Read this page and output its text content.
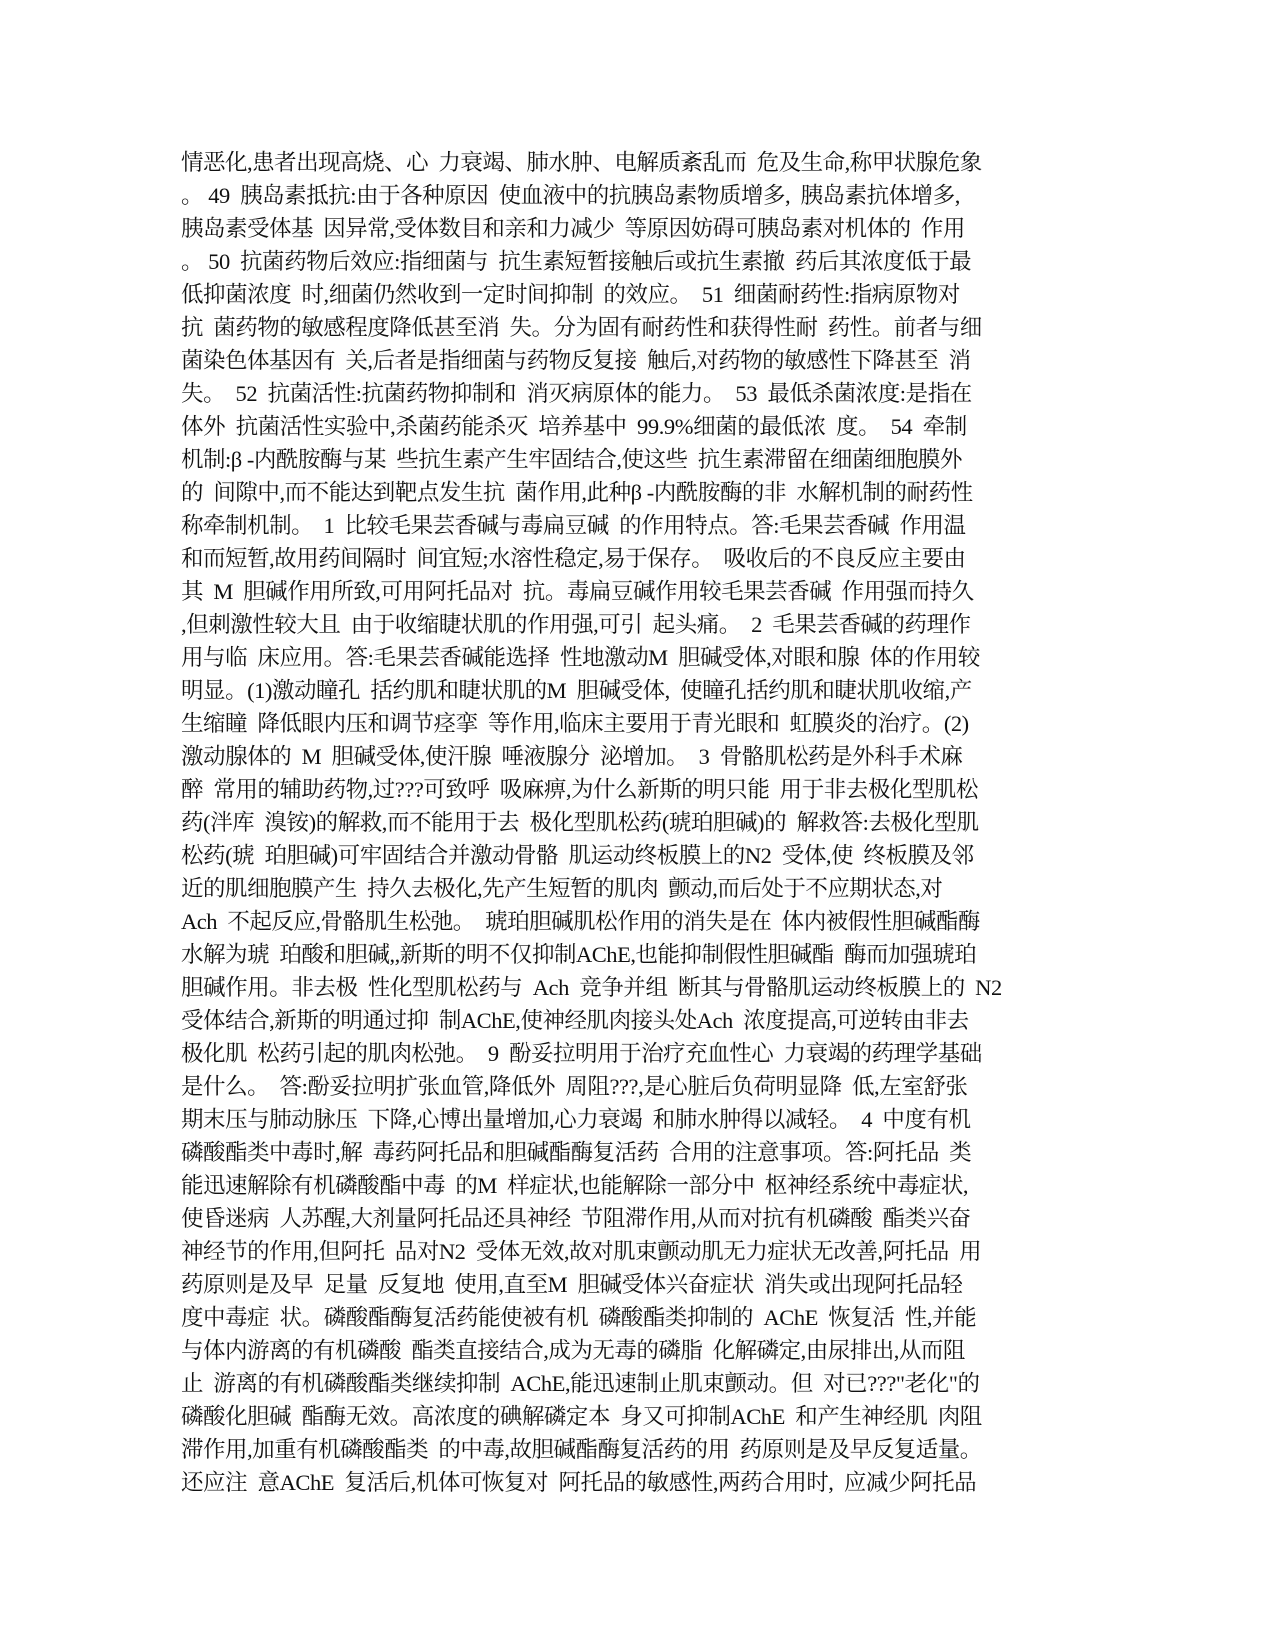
情恶化,患者出现高烧、心  力衰竭、肺水肿、电解质紊乱而  危及生命,称甲状腺危象
。 49  胰岛素抵抗:由于各种原因  使血液中的抗胰岛素物质增多,  胰岛素抗体增多,
胰岛素受体基  因异常,受体数目和亲和力减少  等原因妨碍可胰岛素对机体的  作用
。 50  抗菌药物后效应:指细菌与  抗生素短暂接触后或抗生素撤  药后其浓度低于最
低抑菌浓度  时,细菌仍然收到一定时间抑制  的效应。  51  细菌耐药性:指病原物对
抗  菌药物的敏感程度降低甚至消  失。分为固有耐药性和获得性耐  药性。前者与细
菌染色体基因有  关,后者是指细菌与药物反复接  触后,对药物的敏感性下降甚至  消
失。  52  抗菌活性:抗菌药物抑制和  消灭病原体的能力。  53  最低杀菌浓度:是指在
体外  抗菌活性实验中,杀菌药能杀灭  培养基中  99.9%细菌的最低浓  度。  54  牵制
机制:β -内酰胺酶与某  些抗生素产生牢固结合,使这些  抗生素滞留在细菌细胞膜外
的  间隙中,而不能达到靶点发生抗  菌作用,此种β -内酰胺酶的非  水解机制的耐药性
称牵制机制。  1  比较毛果芸香碱与毒扁豆碱  的作用特点。答:毛果芸香碱  作用温
和而短暂,故用药间隔时  间宜短;水溶性稳定,易于保存。  吸收后的不良反应主要由
其  M  胆碱作用所致,可用阿托品对  抗。毒扁豆碱作用较毛果芸香碱  作用强而持久
,但刺激性较大且  由于收缩睫状肌的作用强,可引  起头痛。  2  毛果芸香碱的药理作
用与临  床应用。答:毛果芸香碱能选择  性地激动M  胆碱受体,对眼和腺  体的作用较
明显。(1)激动瞳孔  括约肌和睫状肌的M  胆碱受体,  使瞳孔括约肌和睫状肌收缩,产
生缩瞳  降低眼内压和调节痉挛  等作用,临床主要用于青光眼和  虹膜炎的治疗。(2)
激动腺体的  M  胆碱受体,使汗腺  唾液腺分  泌增加。  3  骨骼肌松药是外科手术麻
醉  常用的辅助药物,过???可致呼  吸麻痹,为什么新斯的明只能  用于非去极化型肌松
药(泮库  溴铵)的解救,而不能用于去  极化型肌松药(琥珀胆碱)的  解救答:去极化型肌
松药(琥  珀胆碱)可牢固结合并激动骨骼  肌运动终板膜上的N2  受体,使  终板膜及邻
近的肌细胞膜产生  持久去极化,先产生短暂的肌肉  颤动,而后处于不应期状态,对
Ach  不起反应,骨骼肌生松弛。  琥珀胆碱肌松作用的消失是在  体内被假性胆碱酯酶
水解为琥  珀酸和胆碱,,新斯的明不仅抑制AChE,也能抑制假性胆碱酯  酶而加强琥珀
胆碱作用。非去极  性化型肌松药与  Ach  竞争并组  断其与骨骼肌运动终板膜上的  N2
受体结合,新斯的明通过抑  制AChE,使神经肌肉接头处Ach  浓度提高,可逆转由非去
极化肌  松药引起的肌肉松弛。  9  酚妥拉明用于治疗充血性心  力衰竭的药理学基础
是什么。  答:酚妥拉明扩张血管,降低外  周阻???,是心脏后负荷明显降  低,左室舒张
期末压与肺动脉压  下降,心博出量增加,心力衰竭  和肺水肿得以减轻。  4  中度有机
磷酸酯类中毒时,解  毒药阿托品和胆碱酯酶复活药  合用的注意事项。答:阿托品  类
能迅速解除有机磷酸酯中毒  的M  样症状,也能解除一部分中  枢神经系统中毒症状,
使昏迷病  人苏醒,大剂量阿托品还具神经  节阻滞作用,从而对抗有机磷酸  酯类兴奋
神经节的作用,但阿托  品对N2  受体无效,故对肌束颤动肌无力症状无改善,阿托品  用
药原则是及早  足量  反复地  使用,直至M  胆碱受体兴奋症状  消失或出现阿托品轻
度中毒症  状。磷酸酯酶复活药能使被有机  磷酸酯类抑制的  AChE  恢复活  性,并能
与体内游离的有机磷酸  酯类直接结合,成为无毒的磷脂  化解磷定,由尿排出,从而阻
止  游离的有机磷酸酯类继续抑制  AChE,能迅速制止肌束颤动。但  对已???"老化"的
磷酸化胆碱  酯酶无效。高浓度的碘解磷定本  身又可抑制AChE  和产生神经肌  肉阻
滞作用,加重有机磷酸酯类  的中毒,故胆碱酯酶复活药的用  药原则是及早反复适量。
还应注  意AChE  复活后,机体可恢复对  阿托品的敏感性,两药合用时,  应减少阿托品
